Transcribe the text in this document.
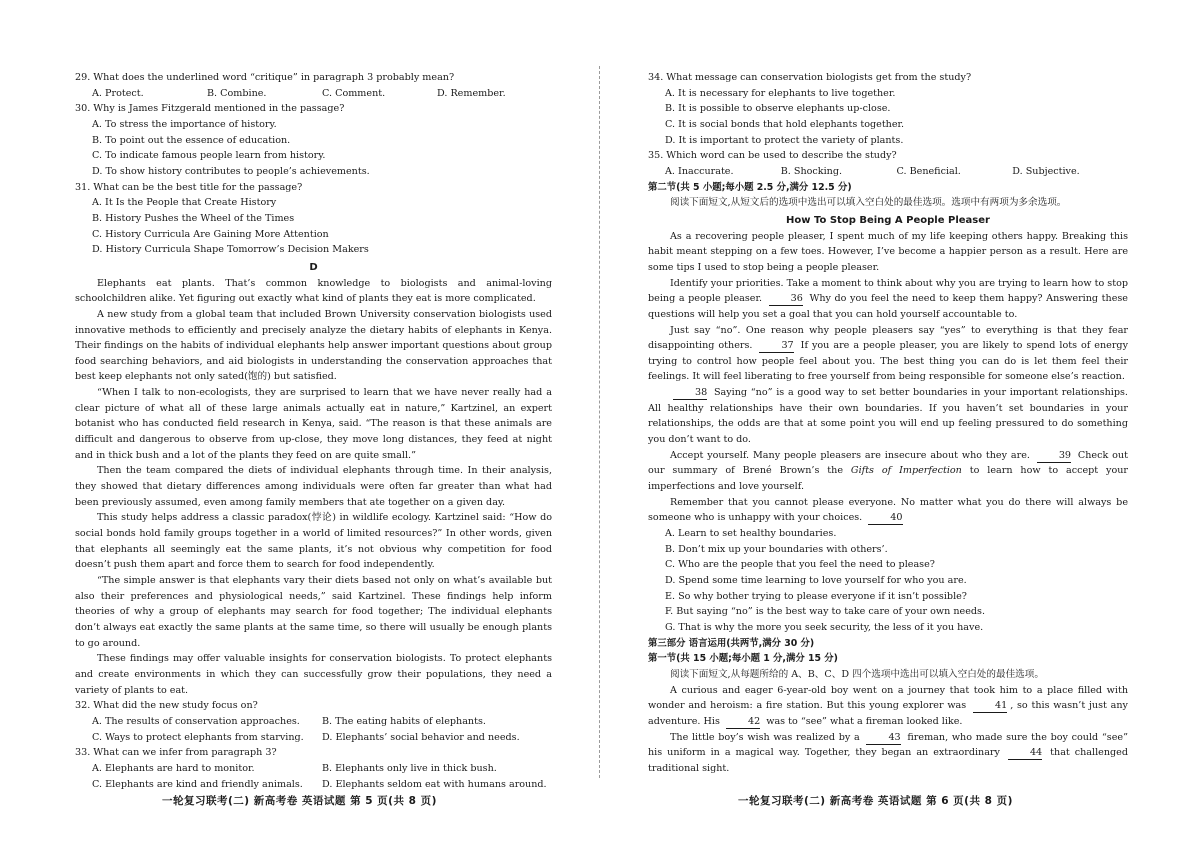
29. What does the underlined word “critique” in paragraph 3 probably mean?
A. Protect.	B. Combine.	C. Comment.	D. Remember.
30. Why is James Fitzgerald mentioned in the passage?
A. To stress the importance of history.
B. To point out the essence of education.
C. To indicate famous people learn from history.
D. To show history contributes to people’s achievements.
31. What can be the best title for the passage?
A. It Is the People that Create History
B. History Pushes the Wheel of the Times
C. History Curricula Are Gaining More Attention
D. History Curricula Shape Tomorrow’s Decision Makers
D

Elephants eat plants. That’s common knowledge to biologists and animal-loving schoolchildren alike. Yet figuring out exactly what kind of plants they eat is more complicated.

A new study from a global team that included Brown University conservation biologists used innovative methods to efficiently and precisely analyze the dietary habits of elephants in Kenya. Their findings on the habits of individual elephants help answer important questions about group food searching behaviors, and aid biologists in understanding the conservation approaches that best keep elephants not only sated(饱的) but satisfied.

“When I talk to non-ecologists, they are surprised to learn that we have never really had a clear picture of what all of these large animals actually eat in nature,” Kartzinel, an expert botanist who has conducted field research in Kenya, said. “The reason is that these animals are difficult and dangerous to observe from up-close, they move long distances, they feed at night and in thick bush and a lot of the plants they feed on are quite small.”

Then the team compared the diets of individual elephants through time. In their analysis, they showed that dietary differences among individuals were often far greater than what had been previously assumed, even among family members that ate together on a given day.

This study helps address a classic paradox(悖论) in wildlife ecology. Kartzinel said: “How do social bonds hold family groups together in a world of limited resources?” In other words, given that elephants all seemingly eat the same plants, it’s not obvious why competition for food doesn’t push them apart and force them to search for food independently.

“The simple answer is that elephants vary their diets based not only on what’s available but also their preferences and physiological needs,” said Kartzinel. These findings help inform theories of why a group of elephants may search for food together; The individual elephants don’t always eat exactly the same plants at the same time, so there will usually be enough plants to go around.

These findings may offer valuable insights for conservation biologists. To protect elephants and create environments in which they can successfully grow their populations, they need a variety of plants to eat.

32. What did the new study focus on?
A. The results of conservation approaches.	B. The eating habits of elephants.
C. Ways to protect elephants from starving.	D. Elephants’ social behavior and needs.
33. What can we infer from paragraph 3?
A. Elephants are hard to monitor.	B. Elephants only live in thick bush.
C. Elephants are kind and friendly animals.	D. Elephants seldom eat with humans around.
34. What message can conservation biologists get from the study?
A. It is necessary for elephants to live together.
B. It is possible to observe elephants up-close.
C. It is social bonds that hold elephants together.
D. It is important to protect the variety of plants.
35. Which word can be used to describe the study?
A. Inaccurate.	B. Shocking.	C. Beneficial.	D. Subjective.
第二节(共 5 小题;每小题 2.5 分,满分 12.5 分)

阅读下面短文,从短文后的选项中选出可以填入空白处的最佳选项。选项中有两项为多余选项。

How To Stop Being A People Pleaser

As a recovering people pleaser, I spent much of my life keeping others happy. Breaking this habit meant stepping on a few toes. However, I’ve become a happier person as a result. Here are some tips I used to stop being a people pleaser.

Identify your priorities. Take a moment to think about why you are trying to learn how to stop being a people pleaser.	36 Why do you feel the need to keep them happy? Answering these questions will help you set a goal that you can hold yourself accountable to.

Just say “no”. One reason why people pleasers say “yes” to everything is that they fear disappointing others.	37 If you are a people pleaser, you are likely to spend lots of energy trying to control how people feel about you. The best thing you can do is let them feel their feelings. It will feel liberating to free yourself from being responsible for someone else’s reaction.

38 Saying “no” is a good way to set better boundaries in your important relationships. All healthy relationships have their own boundaries. If you haven’t set boundaries in your relationships, the odds are that at some point you will end up feeling pressured to do something you don’t want to do.

Accept yourself. Many people pleasers are insecure about who they are.	39 Check out our summary of Brené Brown’s the Gifts of Imperfection to learn how to accept your imperfections and love yourself.

Remember that you cannot please everyone. No matter what you do there will always be someone who is unhappy with your choices.	40

A. Learn to set healthy boundaries.
B. Don’t mix up your boundaries with others’.
C. Who are the people that you feel the need to please?
D. Spend some time learning to love yourself for who you are.
E. So why bother trying to please everyone if it isn’t possible?
F. But saying “no” is the best way to take care of your own needs.
G. That is why the more you seek security, the less of it you have.
第三部分 语言运用(共两节,满分 30 分)
第一节(共 15 小题;每小题 1 分,满分 15 分)

阅读下面短文,从每题所给的 A、B、C、D 四个选项中选出可以填入空白处的最佳选项。

A curious and eager 6-year-old boy went on a journey that took him to a place filled with wonder and heroism: a fire station. But this young explorer was	41 , so this wasn’t just any adventure. His	42 was to “see” what a fireman looked like.

The little boy’s wish was realized by a	43 fireman, who made sure the boy could “see” his uniform in a magical way. Together, they began an extraordinary	44 that challenged traditional sight.

一轮复习联考(二) 新高考卷 英语试题 第 5 页(共 8 页)	一轮复习联考(二) 新高考卷 英语试题 第 6 页(共 8 页)
